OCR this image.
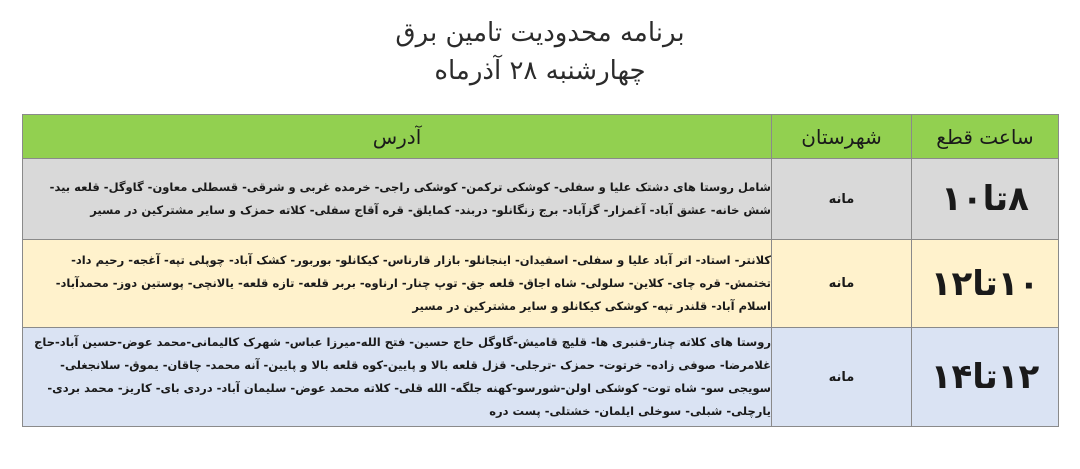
برنامه محدودیت تامین برق
چهارشنبه ۲۸ آذرماه
ساعت قطع	شهرستان	آدرس
۸تا۱۰	مانه	شامل روستا های دشتک علیا و سفلی- کوشکی ترکمن- کوشکی راجی- خرمده غربی و شرقی- قسطلی معاون- گاوگل- قلعه بید- شش خانه- عشق آباد- آغمزار- گزآباد- برج زنگانلو- دربند- کمایلق- قره آقاج سفلی- کلاته حمزک و سایر مشترکین در مسیر
۱۰تا۱۲	مانه	کلانتر- استاد- اتر آباد علیا و سفلی- اسفیدان- اینجانلو- بازار قارناس- کیکانلو- بوربور- کشک آباد- چوپلی تپه- آغجه- رحیم داد- تختمش- قره چای- کلاین- سلولی- شاه اجاق- قلعه جق- توپ چنار- ارناوه- بربر قلعه- تازه قلعه- یالانچی- پوستین دوز- محمدآباد- اسلام آباد- قلندر تپه- کوشکی کیکانلو و سایر مشترکین در مسیر
۱۲تا۱۴	مانه	روستا های کلاته چنار-قنبری ها- قلیچ قامیش-گاوگل حاج حسین- فتح الله-میرزا عباس- شهرک کالیمانی-محمد عوض-حسین آباد-حاج غلامرضا- صوفی زاده- خرتوت- حمزک -ترجلی- قزل قلعه بالا و پایین-کوه قلعه بالا و پایین- آنه محمد- چاقان- یموق- سلانجغلی-سویجی سو- شاه توت- کوشکی اولن-شورسو-کهنه جلگه- الله قلی- کلاته محمد عوض- سلیمان آباد- دردی بای- کاریز- محمد بردی- یارچلی- شبلی- سوخلی ایلمان- خشتلی- پست دره
